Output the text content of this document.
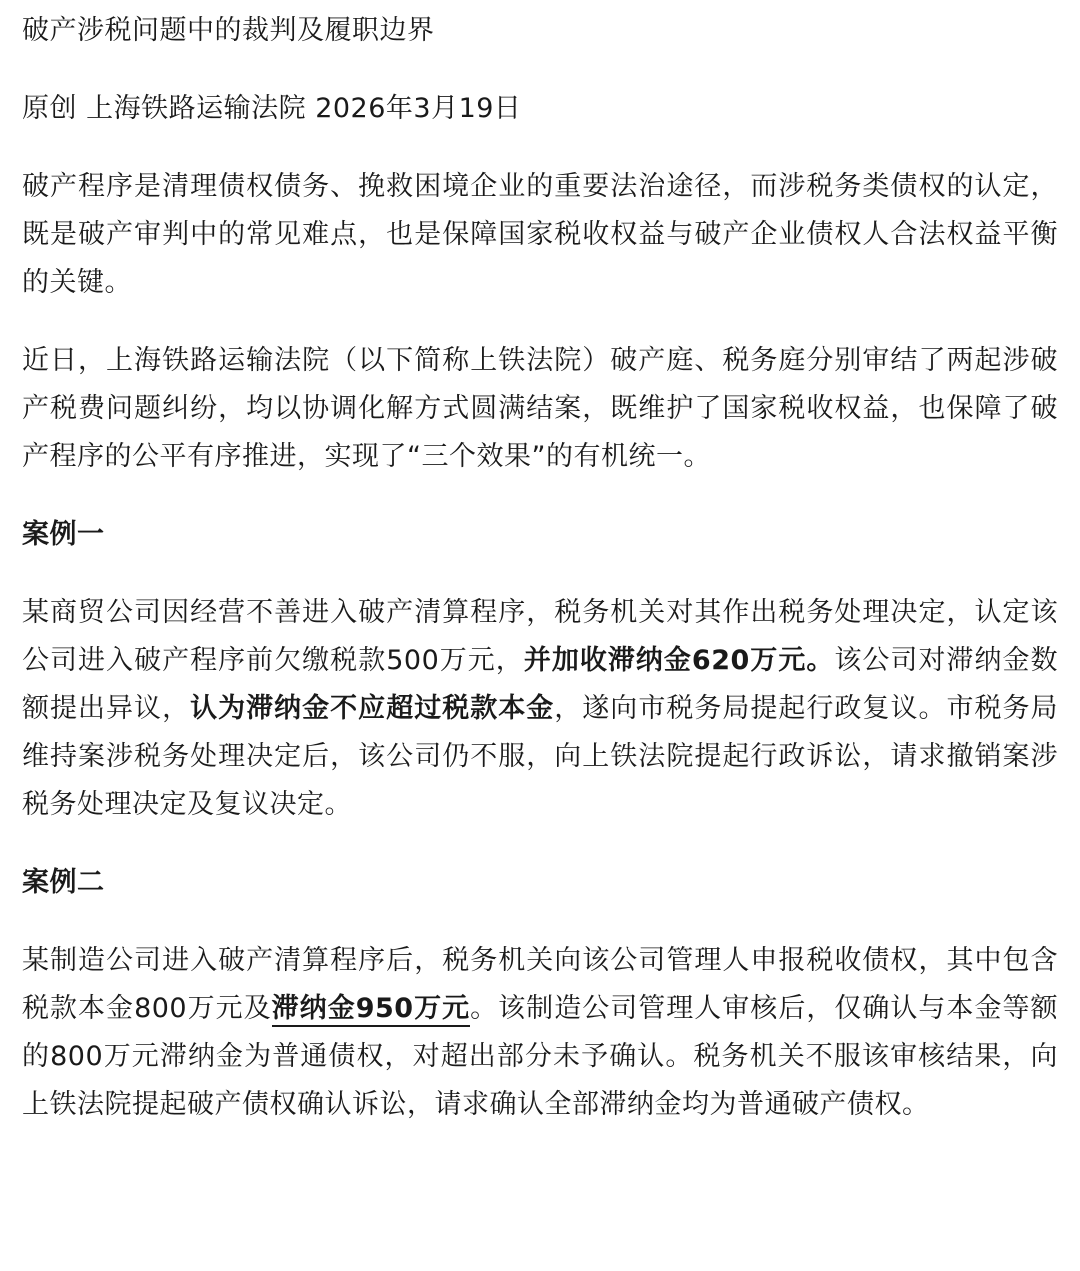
破产涉税问题中的裁判及履职边界

原创 上海铁路运输法院 2026年3月19日

破产程序是清理债权债务、挽救困境企业的重要法治途径，而涉税务类债权的认定，既是破产审判中的常见难点，也是保障国家税收权益与破产企业债权人合法权益平衡的关键。

近日，上海铁路运输法院（以下简称上铁法院）破产庭、税务庭分别审结了两起涉破产税费问题纠纷，均以协调化解方式圆满结案，既维护了国家税收权益，也保障了破产程序的公平有序推进，实现了“三个效果”的有机统一。

案例一

某商贸公司因经营不善进入破产清算程序，税务机关对其作出税务处理决定，认定该公司进入破产程序前欠缴税款500万元，并加收滞纳金620万元。该公司对滞纳金数额提出异议，认为滞纳金不应超过税款本金，遂向市税务局提起行政复议。市税务局维持案涉税务处理决定后，该公司仍不服，向上铁法院提起行政诉讼，请求撤销案涉税务处理决定及复议决定。

案例二

某制造公司进入破产清算程序后，税务机关向该公司管理人申报税收债权，其中包含税款本金800万元及滞纳金950万元。该制造公司管理人审核后，仅确认与本金等额的800万元滞纳金为普通债权，对超出部分未予确认。税务机关不服该审核结果，向上铁法院提起破产债权确认诉讼，请求确认全部滞纳金均为普通破产债权。
